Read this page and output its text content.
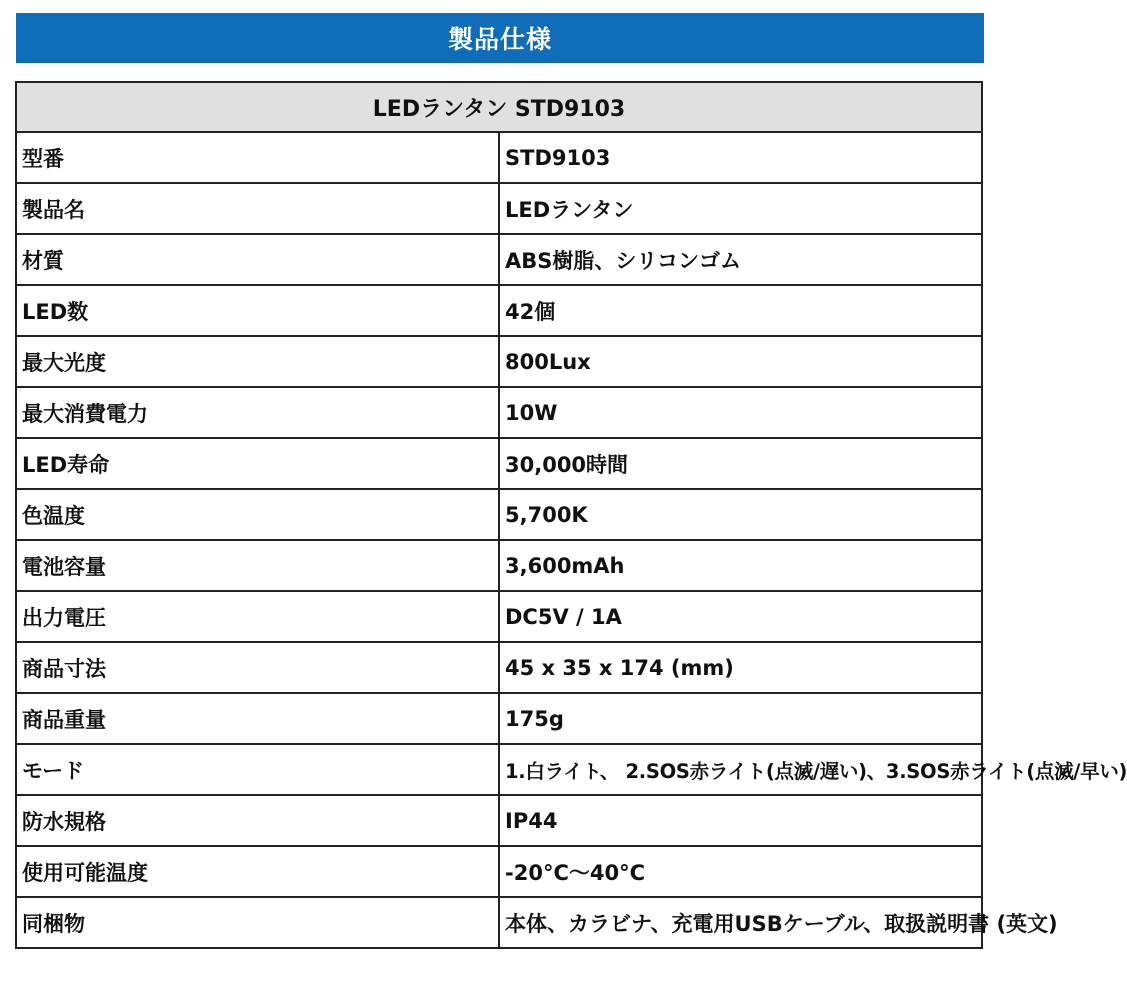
製品仕様
LEDランタン STD9103	
型番	STD9103
製品名	LEDランタン
材質	ABS樹脂、シリコンゴム
LED数	42個
最大光度	800Lux
最大消費電力	10W
LED寿命	30,000時間
色温度	5,700K
電池容量	3,600mAh
出力電圧	DC5V / 1A
商品寸法	45 x 35 x 174 (mm)
商品重量	175g
モード	1.白ライト、 2.SOS赤ライト(点滅/遅い)、3.SOS赤ライト(点滅/早い)
防水規格	IP44
使用可能温度	-20°C～40°C
同梱物	本体、カラビナ、充電用USBケーブル、取扱説明書 (英文)
